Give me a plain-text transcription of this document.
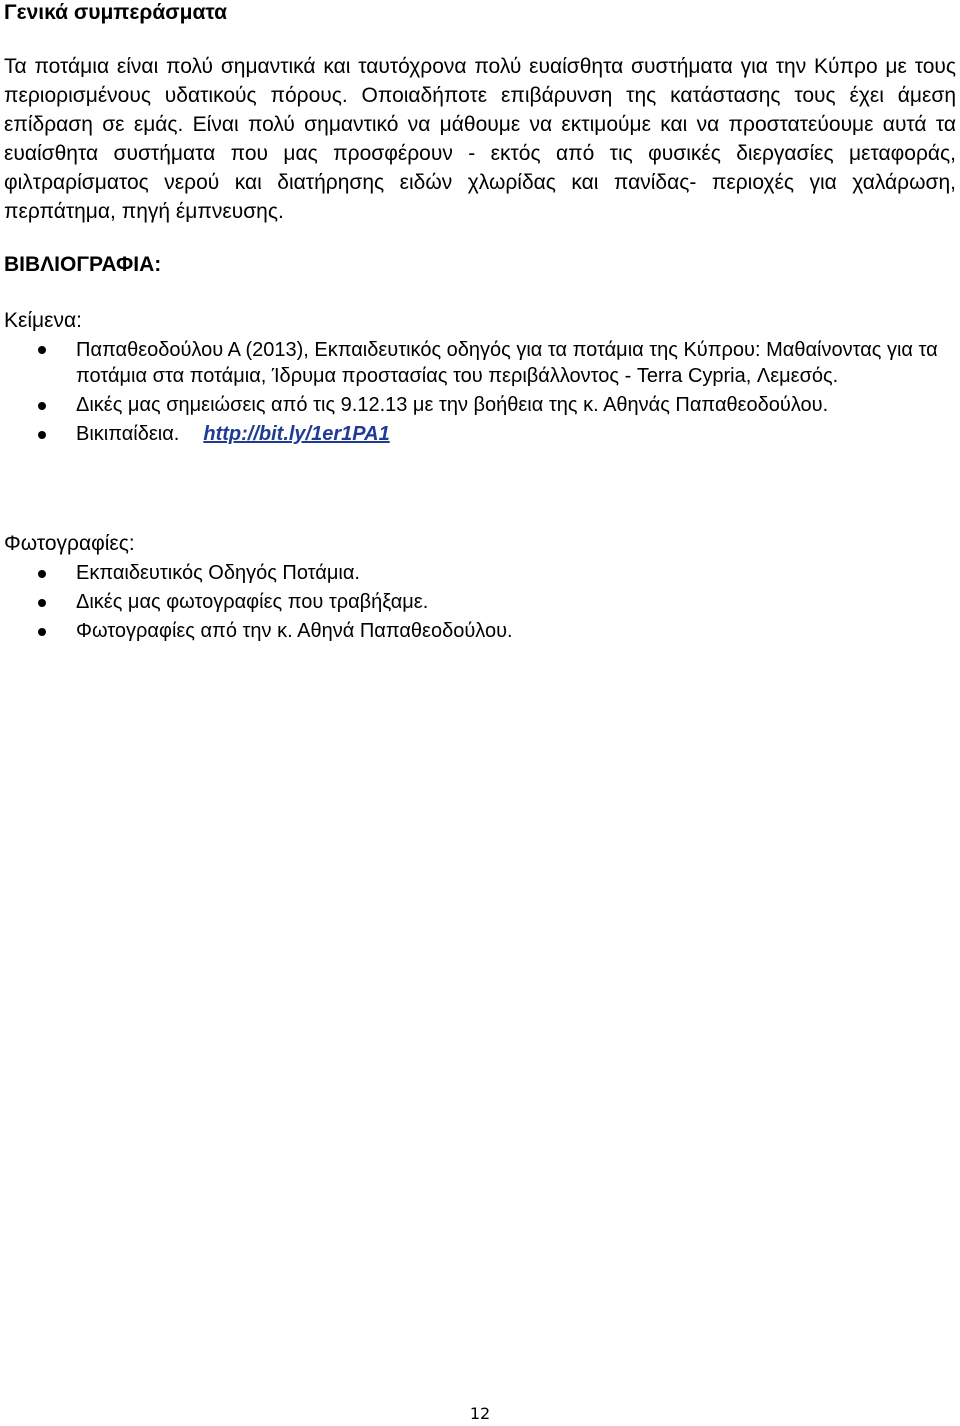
Γενικά συμπεράσματα

Τα ποτάμια είναι πολύ σημαντικά και ταυτόχρονα πολύ ευαίσθητα συστήματα για την Κύπρο με τους περιορισμένους υδατικούς πόρους. Οποιαδήποτε επιβάρυνση της κατάστασης τους έχει άμεση επίδραση σε εμάς. Είναι πολύ σημαντικό να μάθουμε να εκτιμούμε και να προστατεύουμε αυτά τα ευαίσθητα συστήματα που μας προσφέρουν - εκτός από τις φυσικές διεργασίες μεταφοράς, φιλτραρίσματος νερού και διατήρησης ειδών χλωρίδας και πανίδας- περιοχές για χαλάρωση, περπάτημα, πηγή έμπνευσης.

ΒΙΒΛΙΟΓΡΑΦΙΑ:
Κείμενα:
Παπαθεοδούλου Α (2013), Εκπαιδευτικός οδηγός για τα ποτάμια της Κύπρου: Μαθαίνοντας για τα ποτάμια στα ποτάμια, Ίδρυμα προστασίας του περιβάλλοντος - Terra Cypria, Λεμεσός.
Δικές μας σημειώσεις από τις 9.12.13 με την βοήθεια της κ. Αθηνάς Παπαθεοδούλου.
Βικιπαίδεια. http://bit.ly/1er1PA1
Φωτογραφίες:
Εκπαιδευτικός Οδηγός Ποτάμια.
Δικές μας φωτογραφίες που τραβήξαμε.
Φωτογραφίες από την κ. Αθηνά Παπαθεοδούλου.
12
